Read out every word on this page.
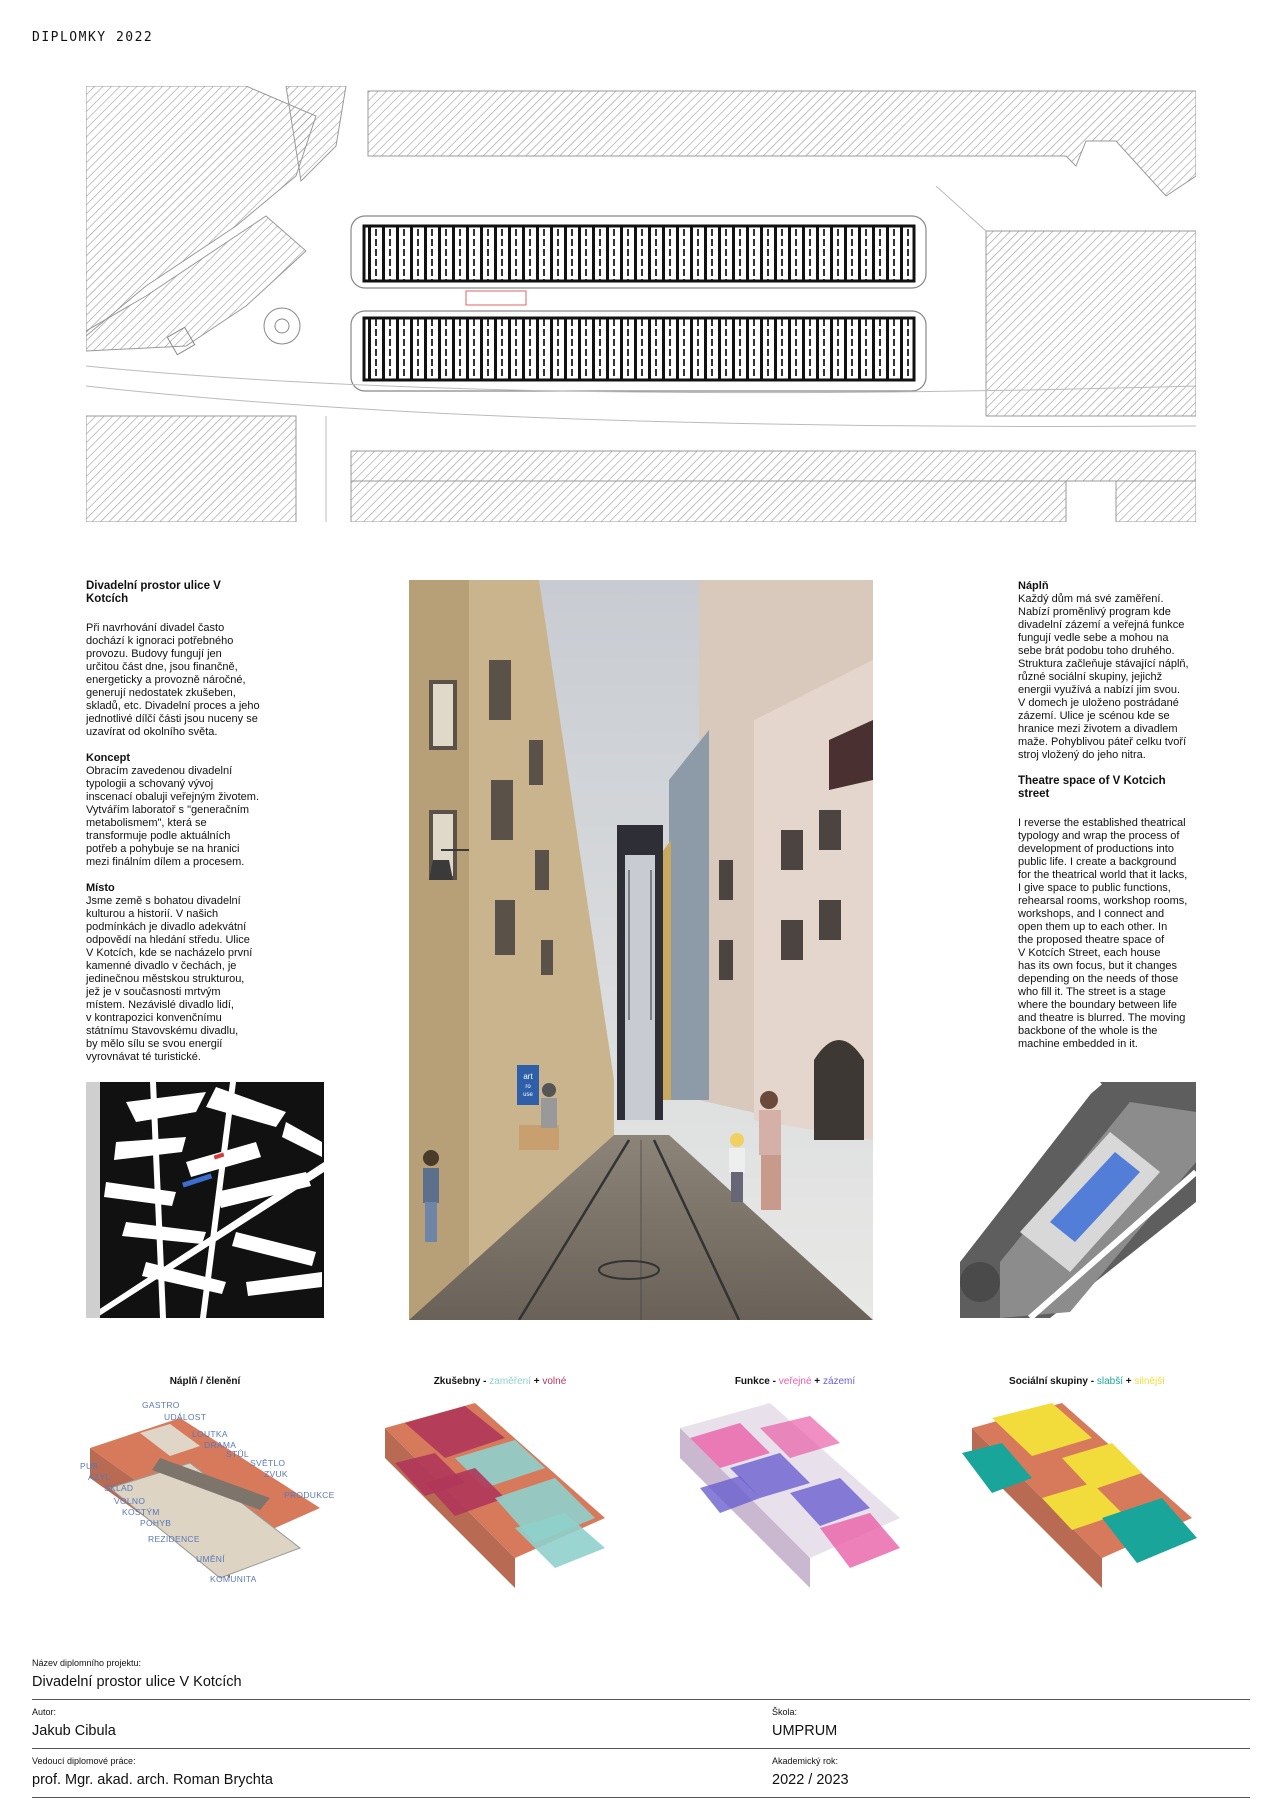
DIPLOMKY 2022
Divadelní prostor ulice V Kotcích

Při navrhování divadel často
dochází k ignoraci potřebného
provozu. Budovy fungují jen
určitou část dne, jsou finančně,
energeticky a provozně náročné,
generují nedostatek zkušeben,
skladů, etc. Divadelní proces a jeho
jednotlivé dílčí části jsou nuceny se
uzavírat od okolního světa.

Koncept

Obracím zavedenou divadelní
typologii a schovaný vývoj
inscenací obaluji veřejným životem.
Vytvářím laboratoř s "generačním
metabolismem", která se
transformuje podle aktuálních
potřeb a pohybuje se na hranici
mezi finálním dílem a procesem.

Místo

Jsme země s bohatou divadelní
kulturou a historií. V našich
podmínkách je divadlo adekvátní
odpovědí na hledání středu. Ulice
V Kotcích, kde se nacházelo první
kamenné divadlo v čechách, je
jedinečnou městskou strukturou,
jež je v současnosti mrtvým
místem. Nezávislé divadlo lidí,
v kontrapozici konvenčnímu
státnímu Stavovskému divadlu,
by mělo sílu se svou energií
vyrovnávat té turistické.

art
ro
use
Náplň

Každý dům má své zaměření.
Nabízí proměnlivý program kde
divadelní zázemí a veřejná funkce
fungují vedle sebe a mohou na
sebe brát podobu toho druhého.
Struktura začleňuje stávající náplň,
různé sociální skupiny, jejichž
energii využívá a nabízí jim svou.
V domech je uloženo postrádané
zázemí. Ulice je scénou kde se
hranice mezi životem a divadlem
maže. Pohyblivou páteř celku tvoří
stroj vložený do jeho nitra.

Theatre space of V Kotcich street

I reverse the established theatrical
typology and wrap the process of
development of productions into
public life. I create a background
for the theatrical world that it lacks,
I give space to public functions,
rehearsal rooms, workshop rooms,
workshops, and I connect and
open them up to each other. In
the proposed theatre space of
V Kotcích Street, each house
has its own focus, but it changes
depending on the needs of those
who fill it. The street is a stage
where the boundary between life
and theatre is blurred. The moving
backbone of the whole is the
machine embedded in it.

Náplň / členění
GASTRO
UDÁLOST
LOUTKA
DRAMA
STŮL
SVĚTLO
ZVUK
PRODUKCE
PUB
AZYL
SKLAD
VOLNO
KOSTÝM
POHYB
REZIDENCE
UMĚNÍ
KOMUNITA
Zkušebny - zaměření + volné	Funkce - veřejné + zázemí	Sociální skupiny - slabší + silnější
Název diplomního projektu:
Divadelní prostor ulice V Kotcích
Autor:
Jakub Cibula
Škola:
UMPRUM
Vedoucí diplomové práce:
prof. Mgr. akad. arch. Roman Brychta
Akademický rok:
2022 / 2023
